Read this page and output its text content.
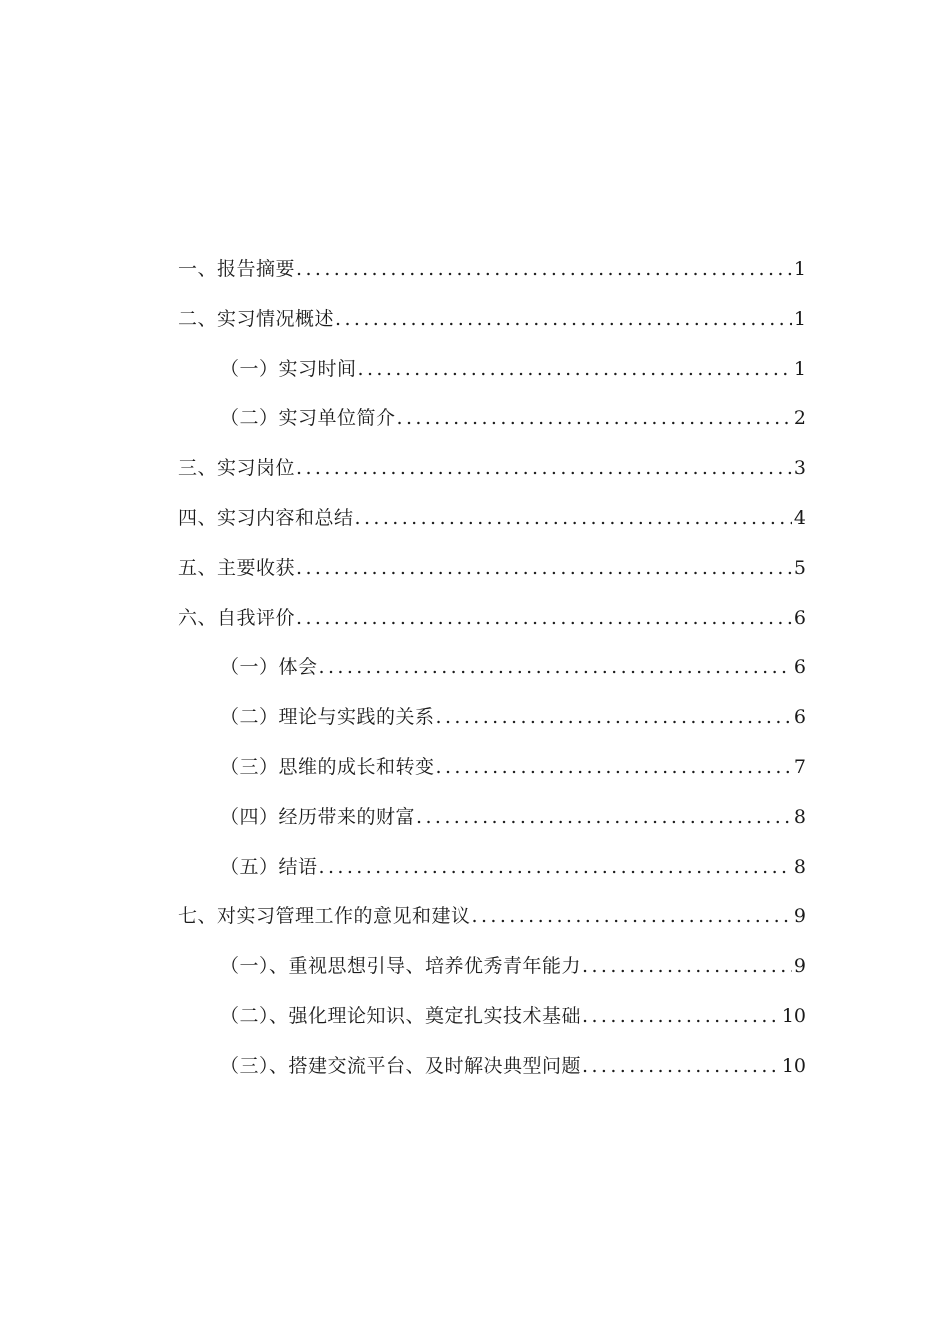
一、报告摘要 .....	1
二、实习情况概述 .....	1
（一）实习时间 .....	1
（二）实习单位简介 .....	2
三、实习岗位 .....	3
四、实习内容和总结 .....	4
五、主要收获 .....	5
六、自我评价 .....	6
（一）体会 .....	6
（二）理论与实践的关系 .....	6
（三）思维的成长和转变 .....	7
（四）经历带来的财富 .....	8
（五）结语 .....	8
七、对实习管理工作的意见和建议 .....	9
（一）、重视思想引导、培养优秀青年能力 .....	9
（二）、强化理论知识、奠定扎实技术基础 .....	10
（三）、搭建交流平台、及时解决典型问题 .....	10
